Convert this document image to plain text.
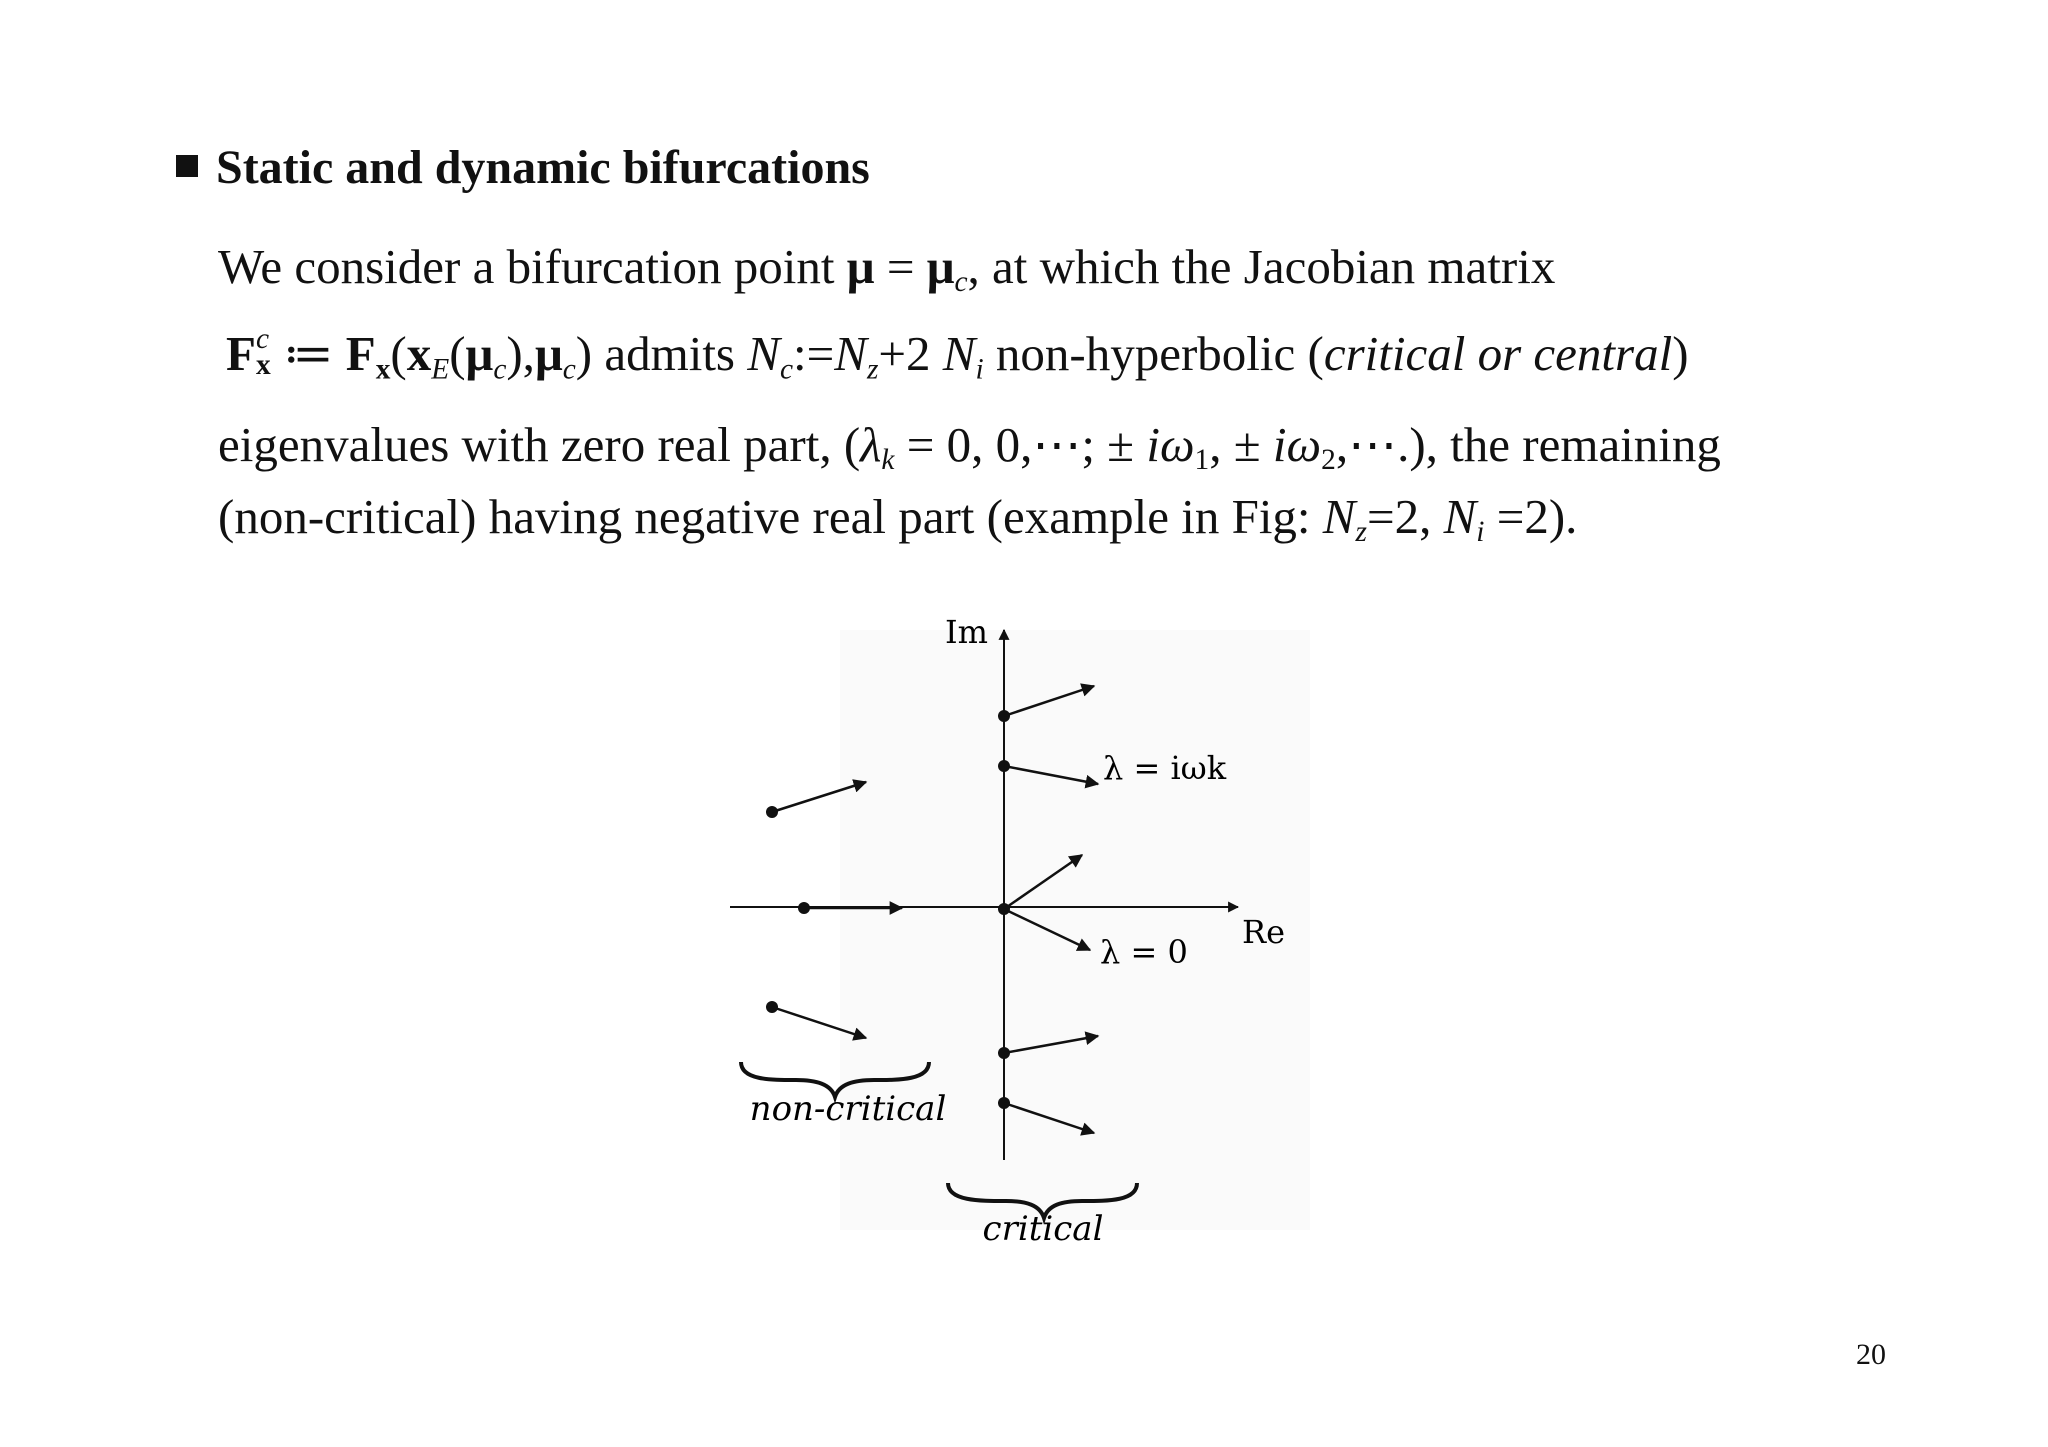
Static and dynamic bifurcations
We consider a bifurcation point $\mu = \mu_c$, at which the Jacobian matrix
Fc
x ≔ $F_x(x_E(\mu_c),\mu_c)$ admits $N_c:=N_z+2$ $N_i$ non-hyperbolic (critical or central)
eigenvalues with zero real part, ($\lambda_k = 0$, 0,⋯; ± $i\omega_1$, ± $i\omega_2,\cdots$.), the remaining
(non-critical) having negative real part (example in Fig: $N_z=2$, $N_i =2$).
Im
Re
λ = iωk
λ = 0
non-critical
critical
20
